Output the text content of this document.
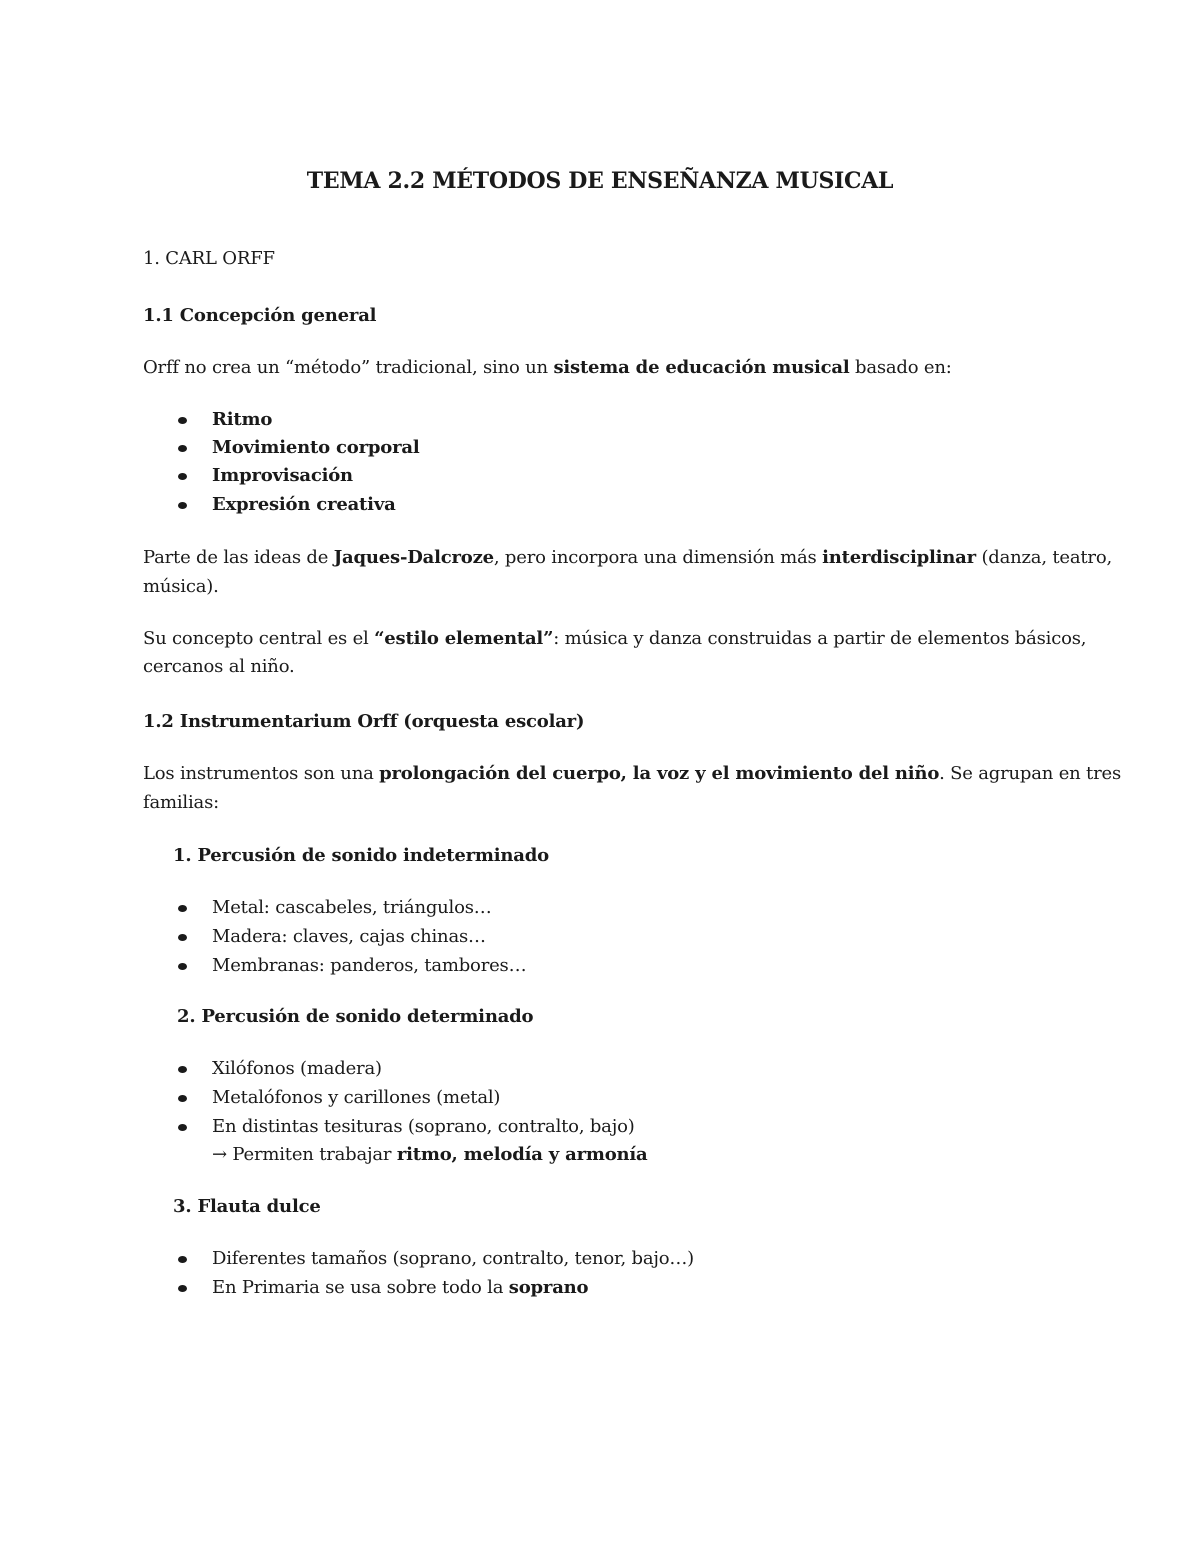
TEMA 2.2 MÉTODOS DE ENSEÑANZA MUSICAL
1. CARL ORFF
1.1 Concepción general
Orff no crea un “método” tradicional, sino un sistema de educación musical basado en:
Ritmo
Movimiento corporal
Improvisación
Expresión creativa
Parte de las ideas de Jaques-Dalcroze, pero incorpora una dimensión más interdisciplinar (danza, teatro,
música).
Su concepto central es el “estilo elemental”: música y danza construidas a partir de elementos básicos,
cercanos al niño.
1.2 Instrumentarium Orff (orquesta escolar)
Los instrumentos son una prolongación del cuerpo, la voz y el movimiento del niño. Se agrupan en tres
familias:
1. Percusión de sonido indeterminado
Metal: cascabeles, triángulos…
Madera: claves, cajas chinas…
Membranas: panderos, tambores…
2. Percusión de sonido determinado
Xilófonos (madera)
Metalófonos y carillones (metal)
En distintas tesituras (soprano, contralto, bajo)
→ Permiten trabajar ritmo, melodía y armonía
3. Flauta dulce
Diferentes tamaños (soprano, contralto, tenor, bajo…)
En Primaria se usa sobre todo la soprano
